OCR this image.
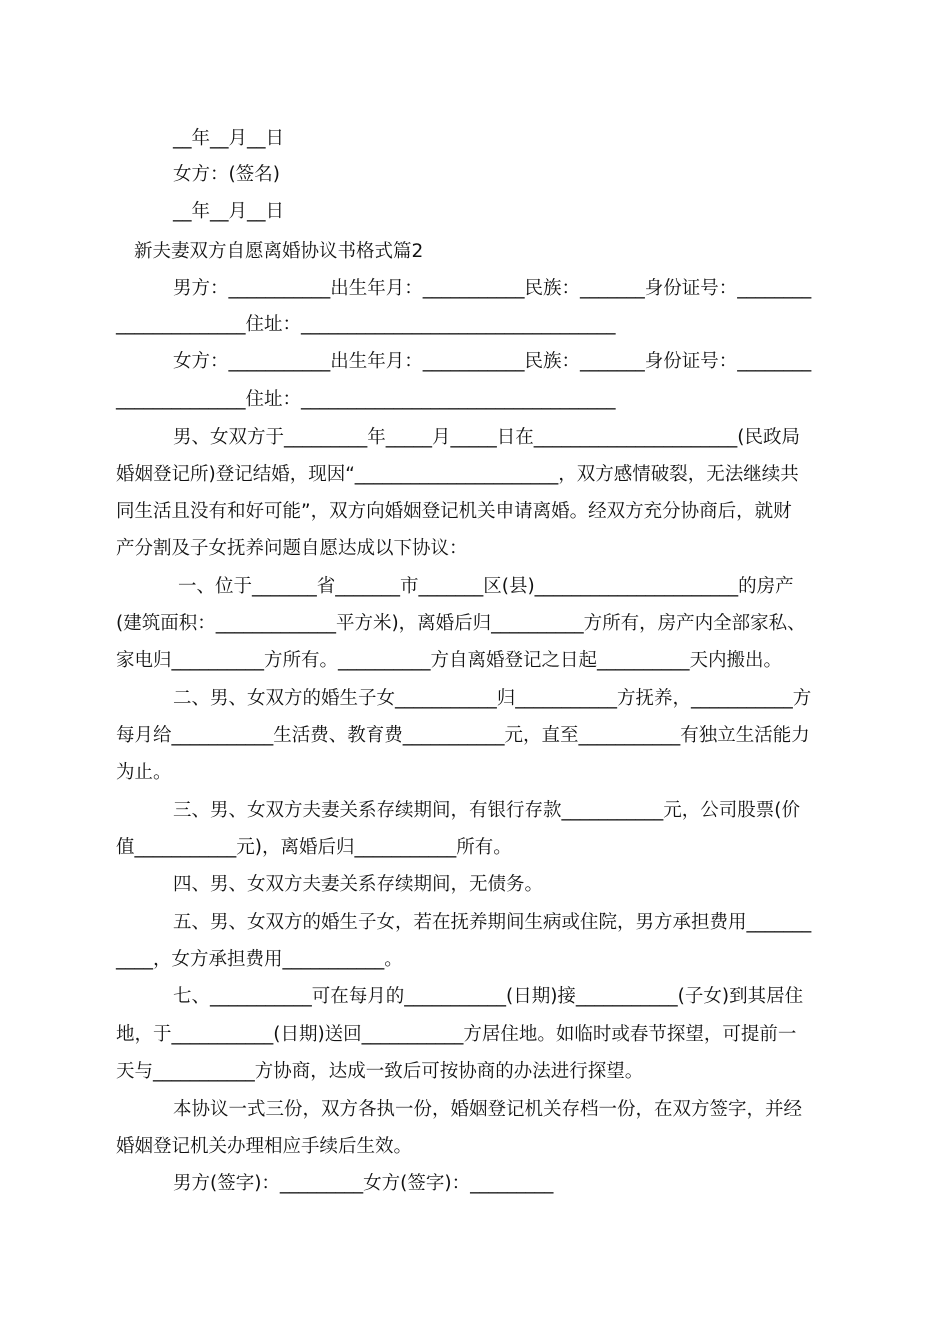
__年__月__日
女方：(签名)
__年__月__日
新夫妻双方自愿离婚协议书格式篇2
男方：___________出生年月：___________民族：_______身份证号：________
______________住址：__________________________________
女方：___________出生年月：___________民族：_______身份证号：________
______________住址：__________________________________
男、女双方于_________年_____月_____日在______________________(民政局
婚姻登记所)登记结婚，现因“______________________，双方感情破裂，无法继续共
同生活且没有和好可能”，双方向婚姻登记机关申请离婚。经双方充分协商后，就财
产分割及子女抚养问题自愿达成以下协议：
一、位于_______省_______市_______区(县)______________________的房产
(建筑面积：_____________平方米)，离婚后归__________方所有，房产内全部家私、
家电归__________方所有。__________方自离婚登记之日起__________天内搬出。
二、男、女双方的婚生子女___________归___________方抚养，___________方
每月给___________生活费、教育费___________元，直至___________有独立生活能力
为止。
三、男、女双方夫妻关系存续期间，有银行存款___________元，公司股票(价
值___________元)，离婚后归___________所有。
四、男、女双方夫妻关系存续期间，无债务。
五、男、女双方的婚生子女，若在抚养期间生病或住院，男方承担费用_______
____，女方承担费用___________。
七、___________可在每月的___________(日期)接___________(子女)到其居住
地，于___________(日期)送回___________方居住地。如临时或春节探望，可提前一
天与___________方协商，达成一致后可按协商的办法进行探望。
本协议一式三份，双方各执一份，婚姻登记机关存档一份，在双方签字，并经
婚姻登记机关办理相应手续后生效。
男方(签字)：_________女方(签字)：_________
